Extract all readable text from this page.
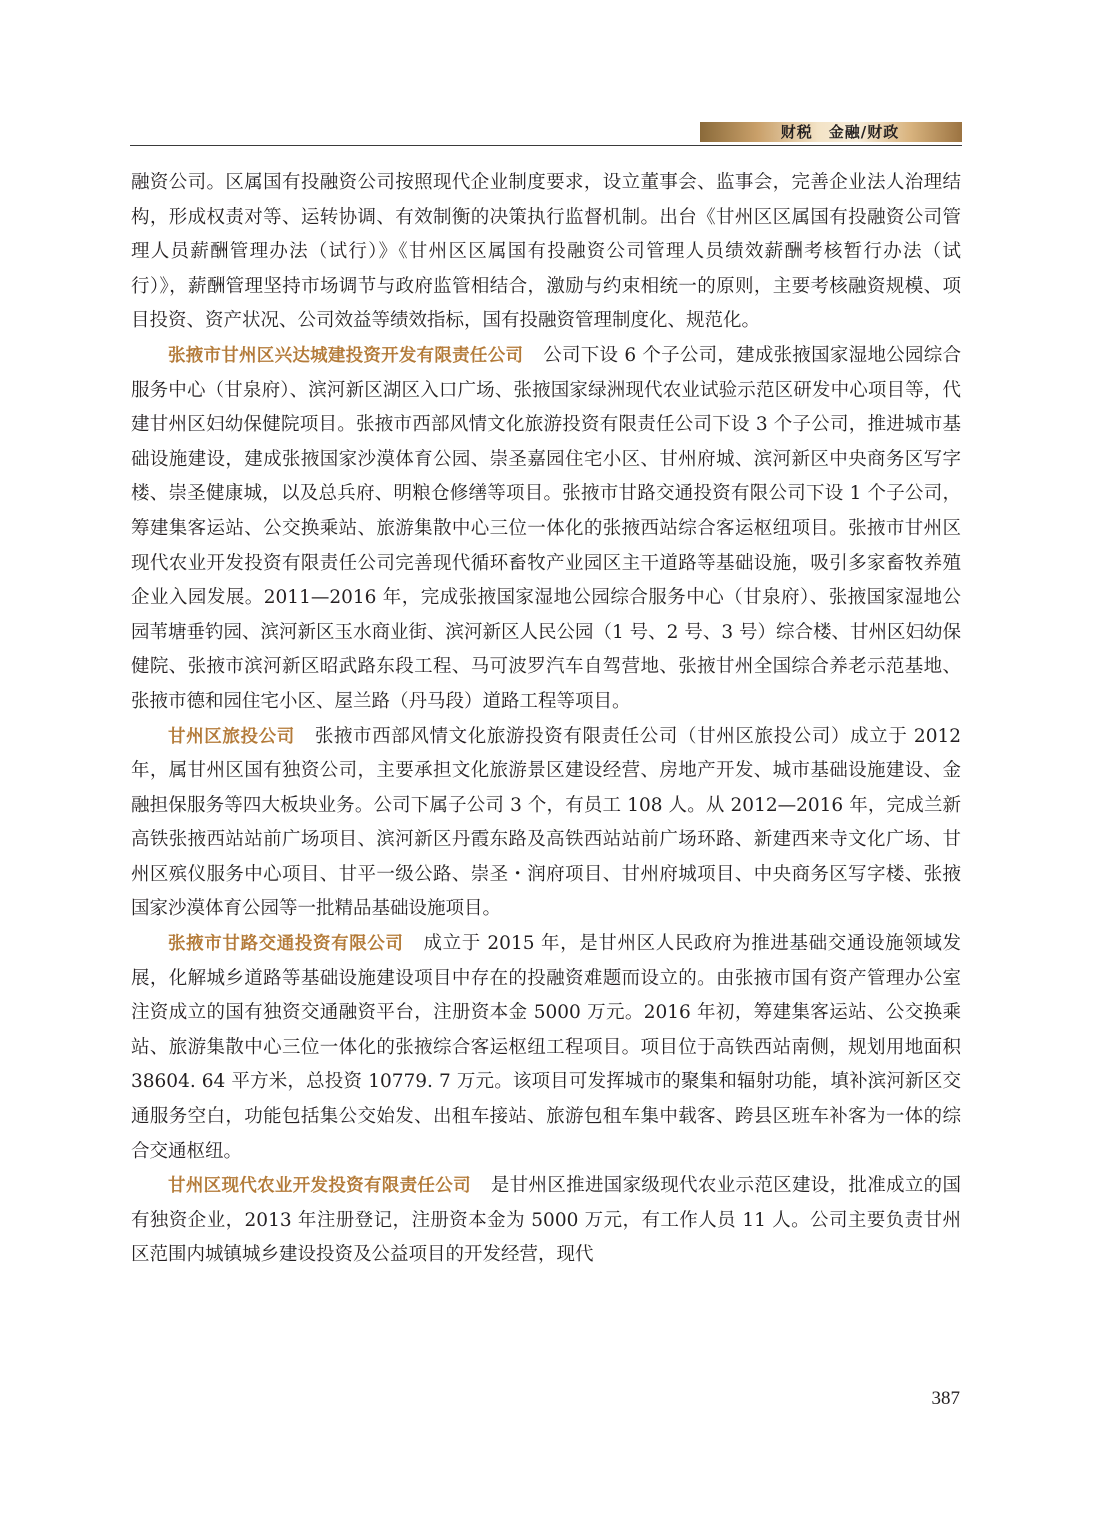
财税　金融/财政

融资公司。区属国有投融资公司按照现代企业制度要求，设立董事会、监事会，完善企业法人治理结构，形成权责对等、运转协调、有效制衡的决策执行监督机制。出台《甘州区区属国有投融资公司管理人员薪酬管理办法（试行）》《甘州区区属国有投融资公司管理人员绩效薪酬考核暂行办法（试行）》，薪酬管理坚持市场调节与政府监管相结合，激励与约束相统一的原则，主要考核融资规模、项目投资、资产状况、公司效益等绩效指标，国有投融资管理制度化、规范化。

张掖市甘州区兴达城建投资开发有限责任公司 公司下设 6 个子公司，建成张掖国家湿地公园综合服务中心（甘泉府）、滨河新区湖区入口广场、张掖国家绿洲现代农业试验示范区研发中心项目等，代建甘州区妇幼保健院项目。张掖市西部风情文化旅游投资有限责任公司下设 3 个子公司，推进城市基础设施建设，建成张掖国家沙漠体育公园、崇圣嘉园住宅小区、甘州府城、滨河新区中央商务区写字楼、崇圣健康城，以及总兵府、明粮仓修缮等项目。张掖市甘路交通投资有限公司下设 1 个子公司，筹建集客运站、公交换乘站、旅游集散中心三位一体化的张掖西站综合客运枢纽项目。张掖市甘州区现代农业开发投资有限责任公司完善现代循环畜牧产业园区主干道路等基础设施，吸引多家畜牧养殖企业入园发展。2011—2016 年，完成张掖国家湿地公园综合服务中心（甘泉府）、张掖国家湿地公园苇塘垂钓园、滨河新区玉水商业街、滨河新区人民公园（1 号、2 号、3 号）综合楼、甘州区妇幼保健院、张掖市滨河新区昭武路东段工程、马可波罗汽车自驾营地、张掖甘州全国综合养老示范基地、张掖市德和园住宅小区、屋兰路（丹马段）道路工程等项目。

甘州区旅投公司 张掖市西部风情文化旅游投资有限责任公司（甘州区旅投公司）成立于 2012 年，属甘州区国有独资公司，主要承担文化旅游景区建设经营、房地产开发、城市基础设施建设、金融担保服务等四大板块业务。公司下属子公司 3 个，有员工 108 人。从 2012—2016 年，完成兰新高铁张掖西站站前广场项目、滨河新区丹霞东路及高铁西站站前广场环路、新建西来寺文化广场、甘州区殡仪服务中心项目、甘平一级公路、崇圣・润府项目、甘州府城项目、中央商务区写字楼、张掖国家沙漠体育公园等一批精品基础设施项目。

张掖市甘路交通投资有限公司 成立于 2015 年，是甘州区人民政府为推进基础交通设施领域发展，化解城乡道路等基础设施建设项目中存在的投融资难题而设立的。由张掖市国有资产管理办公室注资成立的国有独资交通融资平台，注册资本金 5000 万元。2016 年初，筹建集客运站、公交换乘站、旅游集散中心三位一体化的张掖综合客运枢纽工程项目。项目位于高铁西站南侧，规划用地面积 38604. 64 平方米，总投资 10779. 7 万元。该项目可发挥城市的聚集和辐射功能，填补滨河新区交通服务空白，功能包括集公交始发、出租车接站、旅游包租车集中载客、跨县区班车补客为一体的综合交通枢纽。

甘州区现代农业开发投资有限责任公司 是甘州区推进国家级现代农业示范区建设，批准成立的国有独资企业，2013 年注册登记，注册资本金为 5000 万元，有工作人员 11 人。公司主要负责甘州区范围内城镇城乡建设投资及公益项目的开发经营，现代

387
